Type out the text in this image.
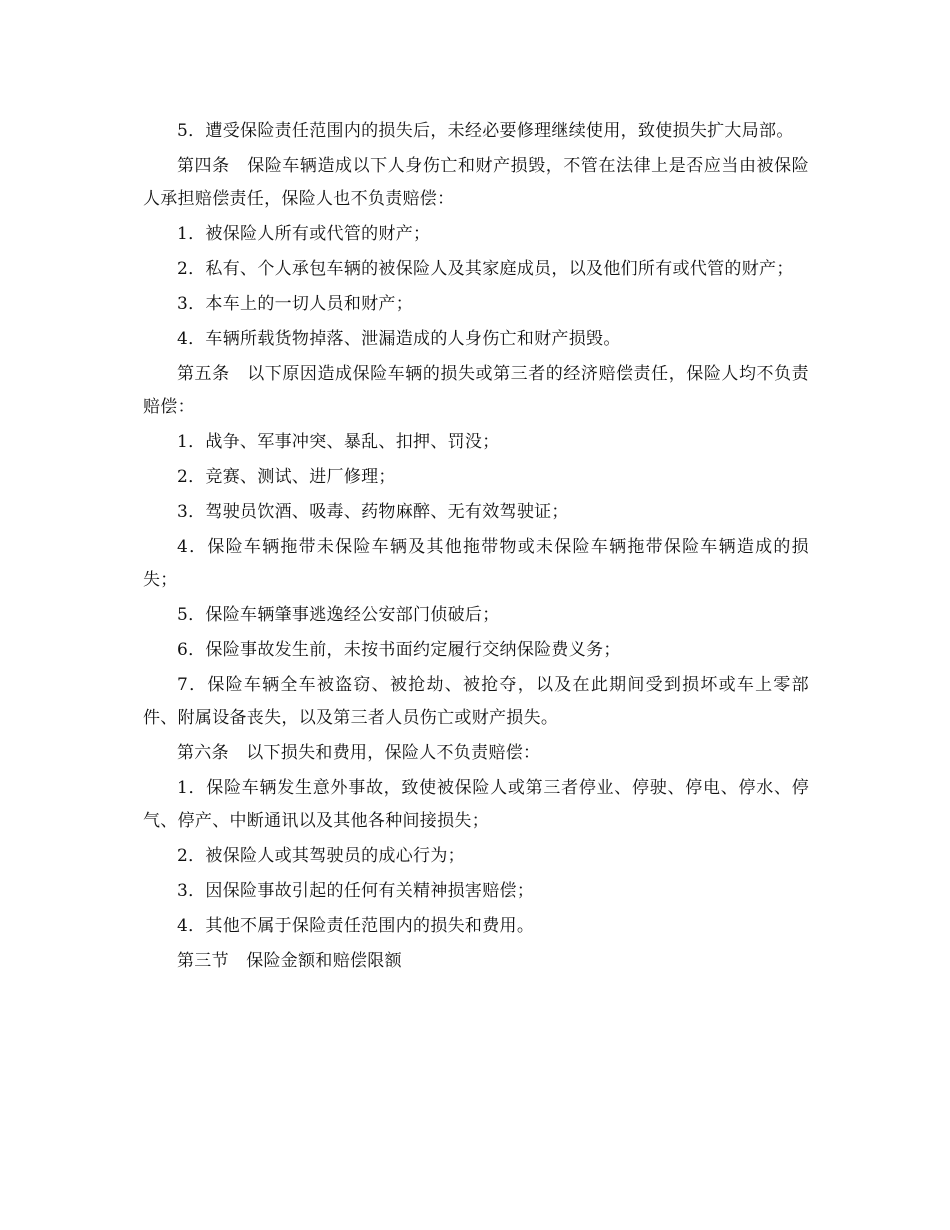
5．遭受保险责任范围内的损失后，未经必要修理继续使用，致使损失扩大局部。

第四条　保险车辆造成以下人身伤亡和财产损毁，不管在法律上是否应当由被保险人承担赔偿责任，保险人也不负责赔偿：

1．被保险人所有或代管的财产；

2．私有、个人承包车辆的被保险人及其家庭成员，以及他们所有或代管的财产；

3．本车上的一切人员和财产；

4．车辆所载货物掉落、泄漏造成的人身伤亡和财产损毁。

第五条　以下原因造成保险车辆的损失或第三者的经济赔偿责任，保险人均不负责赔偿：

1．战争、军事冲突、暴乱、扣押、罚没；

2．竞赛、测试、进厂修理；

3．驾驶员饮酒、吸毒、药物麻醉、无有效驾驶证；

4．保险车辆拖带未保险车辆及其他拖带物或未保险车辆拖带保险车辆造成的损失；

5．保险车辆肇事逃逸经公安部门侦破后；

6．保险事故发生前，未按书面约定履行交纳保险费义务；

7．保险车辆全车被盗窃、被抢劫、被抢夺，以及在此期间受到损坏或车上零部件、附属设备丧失，以及第三者人员伤亡或财产损失。

第六条　以下损失和费用，保险人不负责赔偿：

1．保险车辆发生意外事故，致使被保险人或第三者停业、停驶、停电、停水、停气、停产、中断通讯以及其他各种间接损失；

2．被保险人或其驾驶员的成心行为；

3．因保险事故引起的任何有关精神损害赔偿；

4．其他不属于保险责任范围内的损失和费用。

第三节　保险金额和赔偿限额
